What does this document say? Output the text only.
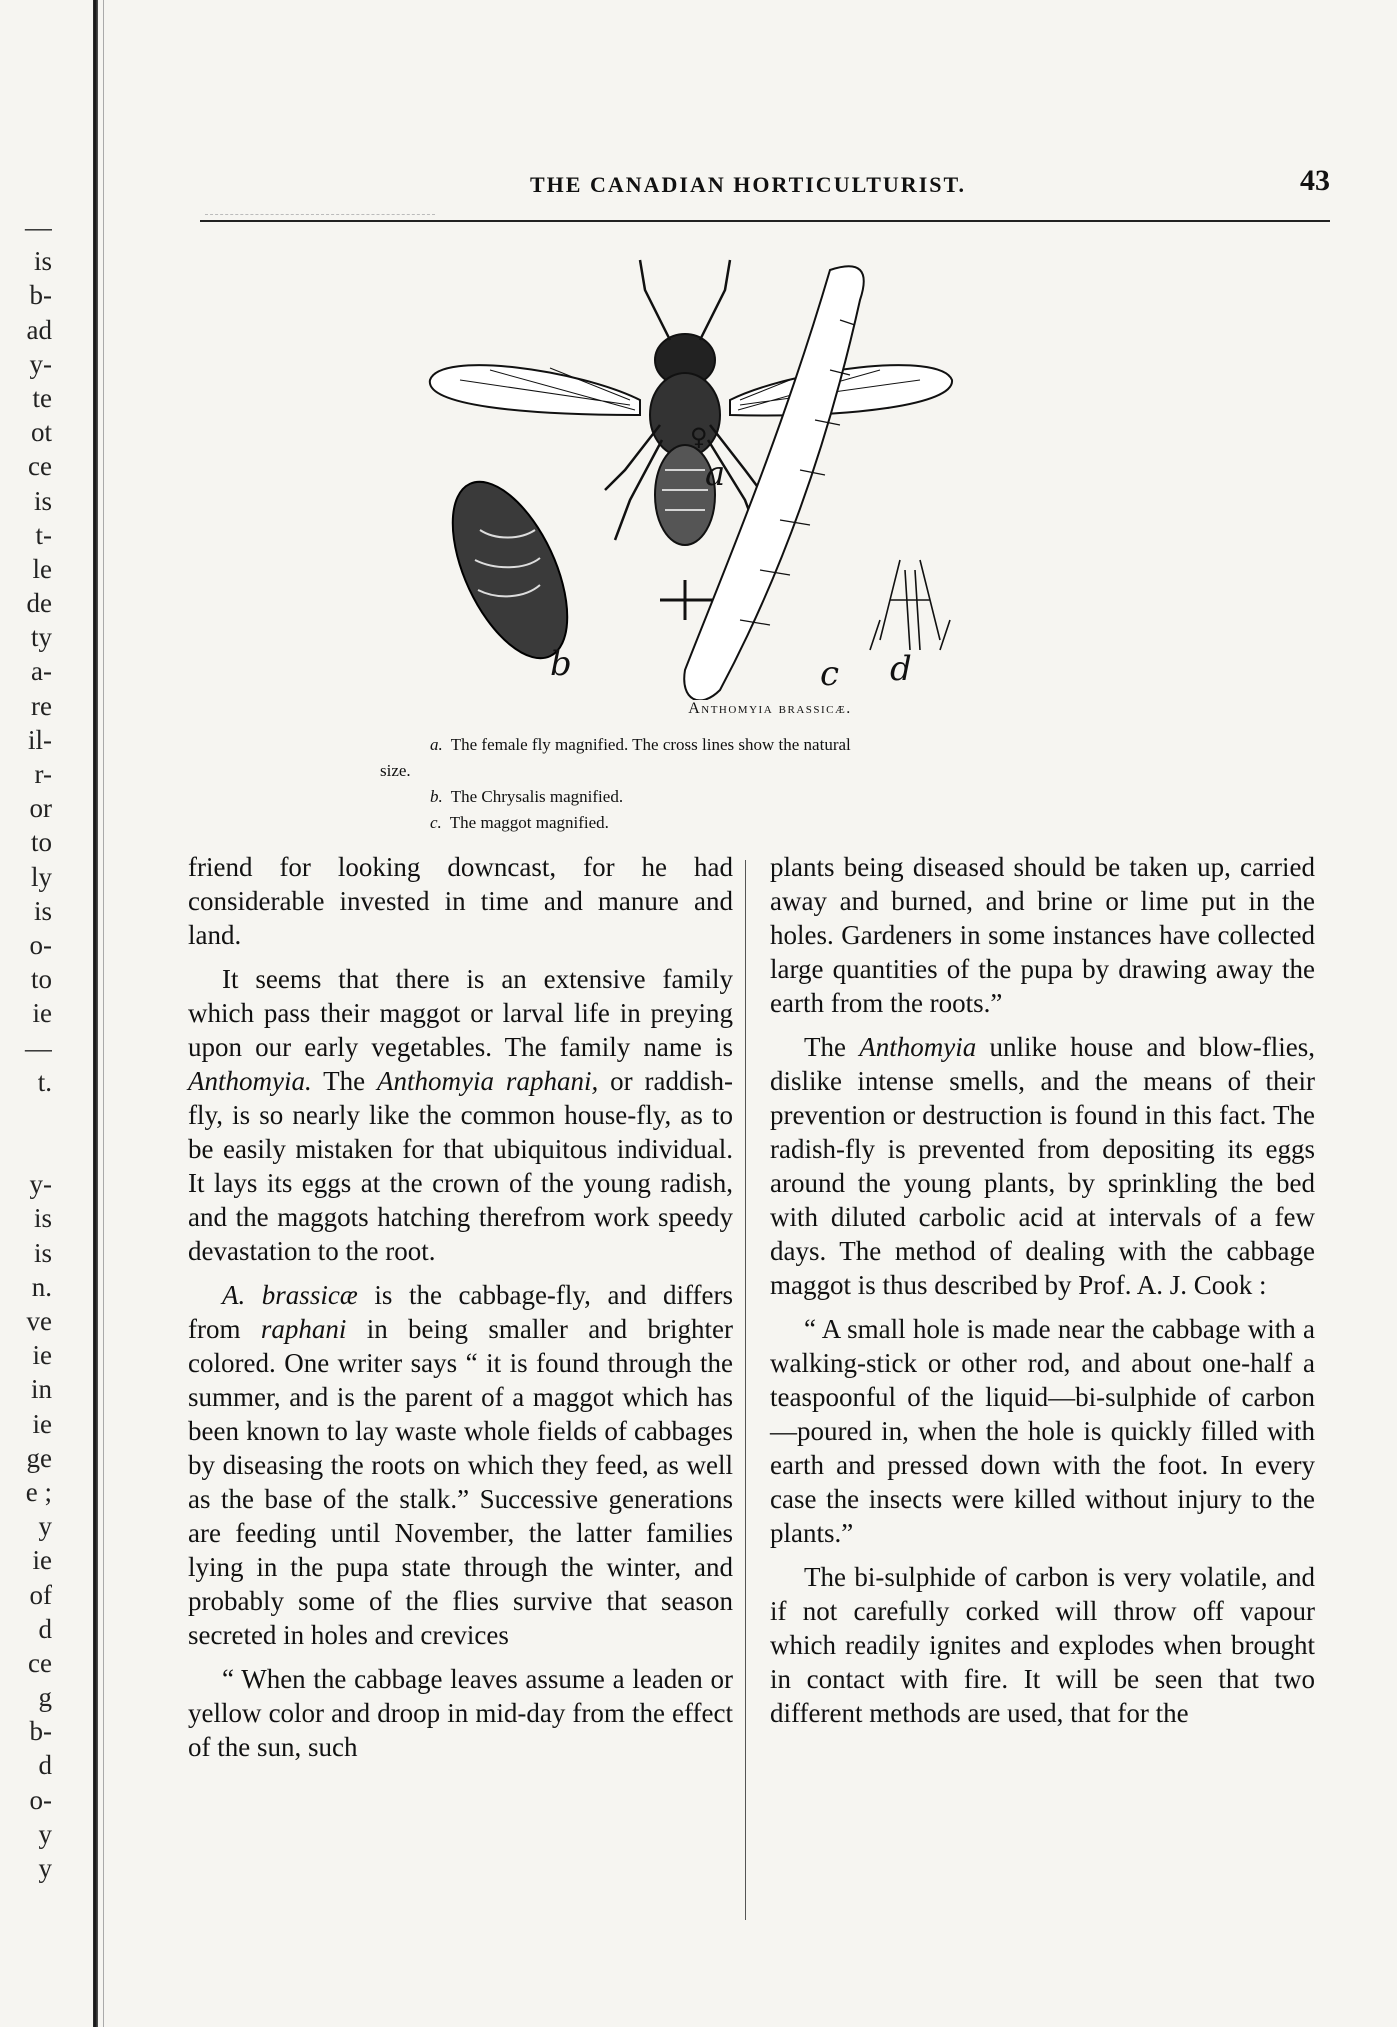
—
is
b-
ad
y-
te
ot
ce
is
t-
le
de
ty
a-
re
il-
r-
or
to
ly
is
o-
to
ie
—
t.
y-
is
is
n.
ve
ie
in
ie
ge
e ;
y
ie
of
d
ce
g
b-
d
o-
y
y
THE CANADIAN HORTICULTURIST.	43
a
b	c d
♀
Anthomyia brassicæ.
a. The female fly magnified. The cross lines show the natural
size.
b. The Chrysalis magnified.
c. The maggot magnified.

friend for looking downcast, for he had considerable invested in time and manure and land.

It seems that there is an extensive family which pass their maggot or larval life in preying upon our early vegetables. The family name is Anthomyia. The Anthomyia raphani, or raddish-fly, is so nearly like the common house-fly, as to be easily mistaken for that ubiquitous individual. It lays its eggs at the crown of the young radish, and the maggots hatching therefrom work speedy devastation to the root.

A. brassicæ is the cabbage-fly, and differs from raphani in being smaller and brighter colored. One writer says “ it is found through the summer, and is the parent of a maggot which has been known to lay waste whole fields of cabbages by diseasing the roots on which they feed, as well as the base of the stalk.” Successive generations are feeding until November, the latter families lying in the pupa state through the winter, and probably some of the flies survive that season secreted in holes and crevices

“ When the cabbage leaves assume a leaden or yellow color and droop in mid-day from the effect of the sun, such

plants being diseased should be taken up, carried away and burned, and brine or lime put in the holes. Gardeners in some instances have collected large quantities of the pupa by drawing away the earth from the roots.”

The Anthomyia unlike house and blow-flies, dislike intense smells, and the means of their prevention or destruction is found in this fact. The radish-fly is prevented from depositing its eggs around the young plants, by sprinkling the bed with diluted carbolic acid at intervals of a few days. The method of dealing with the cabbage maggot is thus described by Prof. A. J. Cook :

“ A small hole is made near the cabbage with a walking-stick or other rod, and about one-half a teaspoonful of the liquid—bi-sulphide of carbon—poured in, when the hole is quickly filled with earth and pressed down with the foot. In every case the insects were killed without injury to the plants.”

The bi-sulphide of carbon is very volatile, and if not carefully corked will throw off vapour which readily ignites and explodes when brought in contact with fire. It will be seen that two different methods are used, that for the
